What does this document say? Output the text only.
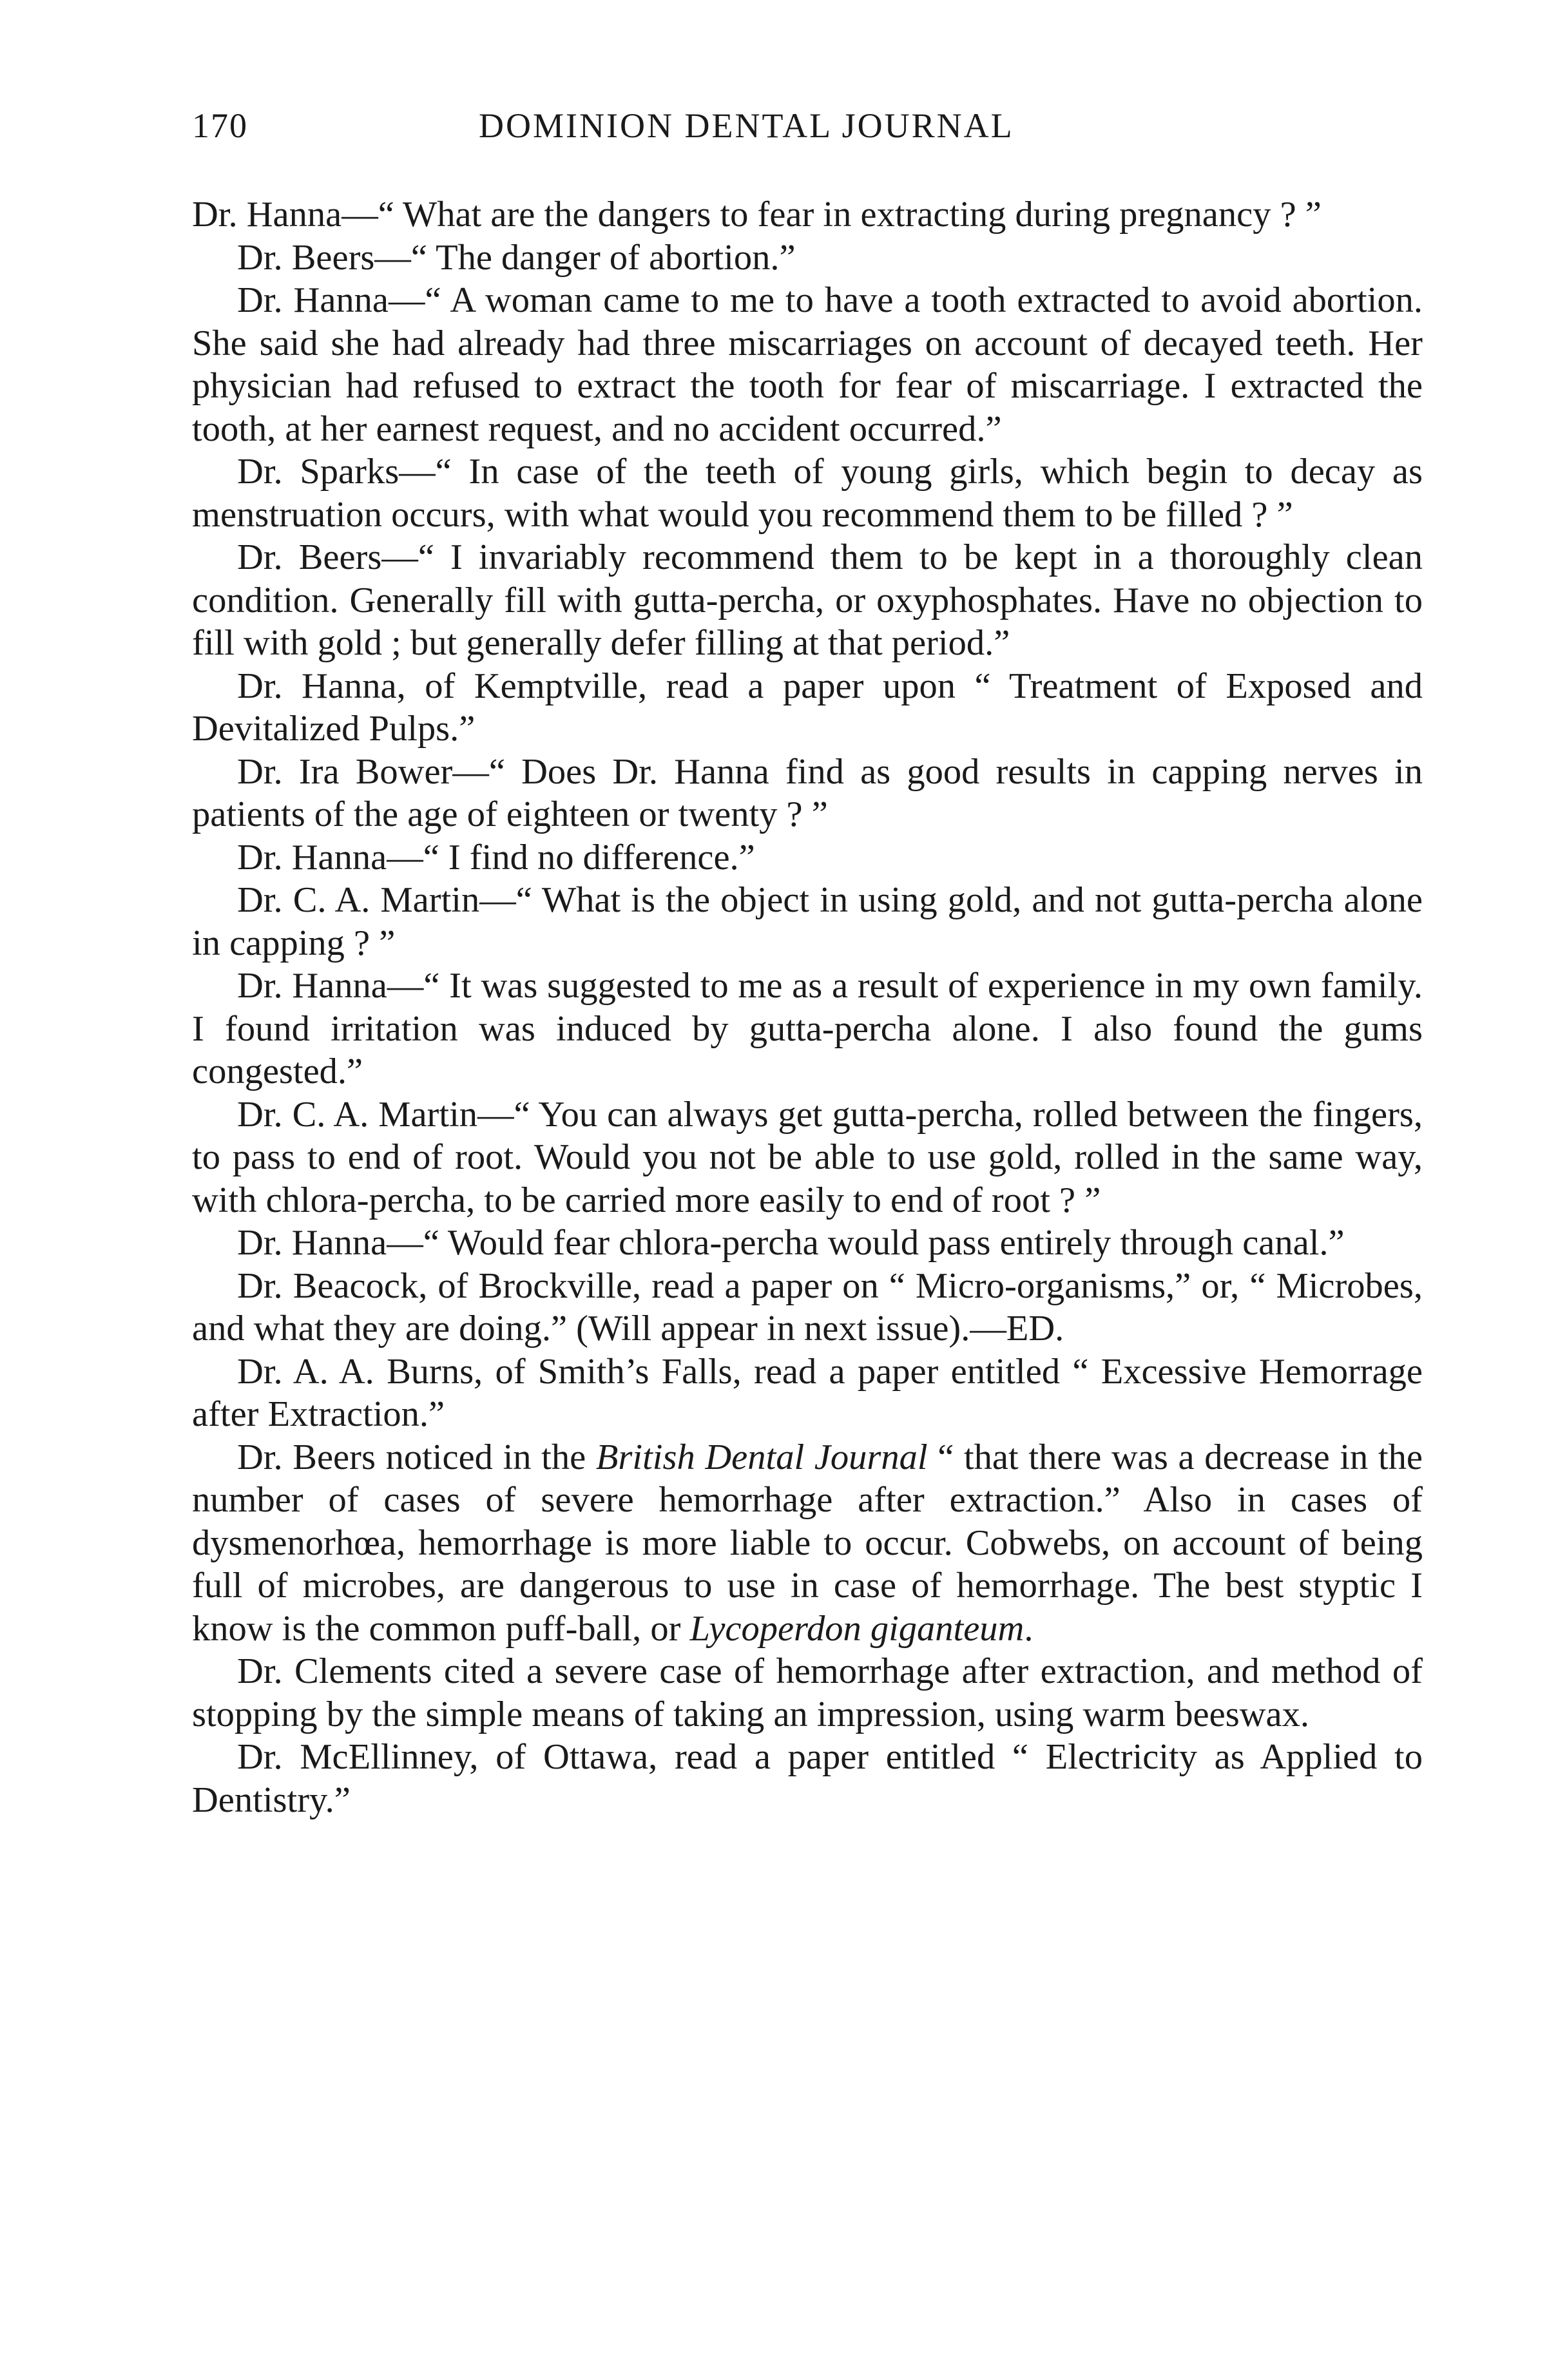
170	DOMINION DENTAL JOURNAL

Dr. Hanna—“ What are the dangers to fear in extracting during pregnancy ? ”

Dr. Beers—“ The danger of abortion.”

Dr. Hanna—“ A woman came to me to have a tooth extracted to avoid abortion. She said she had already had three miscarriages on account of decayed teeth. Her physician had refused to extract the tooth for fear of miscarriage. I extracted the tooth, at her earnest request, and no accident occurred.”

Dr. Sparks—“ In case of the teeth of young girls, which begin to decay as menstruation occurs, with what would you recommend them to be filled ? ”

Dr. Beers—“ I invariably recommend them to be kept in a thoroughly clean condition. Generally fill with gutta-percha, or oxyphosphates. Have no objection to fill with gold ; but generally defer filling at that period.”

Dr. Hanna, of Kemptville, read a paper upon “ Treatment of Exposed and Devitalized Pulps.”

Dr. Ira Bower—“ Does Dr. Hanna find as good results in capping nerves in patients of the age of eighteen or twenty ? ”

Dr. Hanna—“ I find no difference.”

Dr. C. A. Martin—“ What is the object in using gold, and not gutta-percha alone in capping ? ”

Dr. Hanna—“ It was suggested to me as a result of experience in my own family. I found irritation was induced by gutta-percha alone. I also found the gums congested.”

Dr. C. A. Martin—“ You can always get gutta-percha, rolled between the fingers, to pass to end of root. Would you not be able to use gold, rolled in the same way, with chlora-percha, to be carried more easily to end of root ? ”

Dr. Hanna—“ Would fear chlora-percha would pass entirely through canal.”

Dr. Beacock, of Brockville, read a paper on “ Micro-organisms,” or, “ Microbes, and what they are doing.” (Will appear in next issue).—ED.

Dr. A. A. Burns, of Smith’s Falls, read a paper entitled “ Excessive Hemorrage after Extraction.”

Dr. Beers noticed in the British Dental Journal “ that there was a decrease in the number of cases of severe hemorrhage after extraction.” Also in cases of dysmenorhœa, hemorrhage is more liable to occur. Cobwebs, on account of being full of microbes, are dangerous to use in case of hemorrhage. The best styptic I know is the common puff-ball, or Lycoperdon giganteum.

Dr. Clements cited a severe case of hemorrhage after extraction, and method of stopping by the simple means of taking an impression, using warm beeswax.

Dr. McEllinney, of Ottawa, read a paper entitled “ Electricity as Applied to Dentistry.”
